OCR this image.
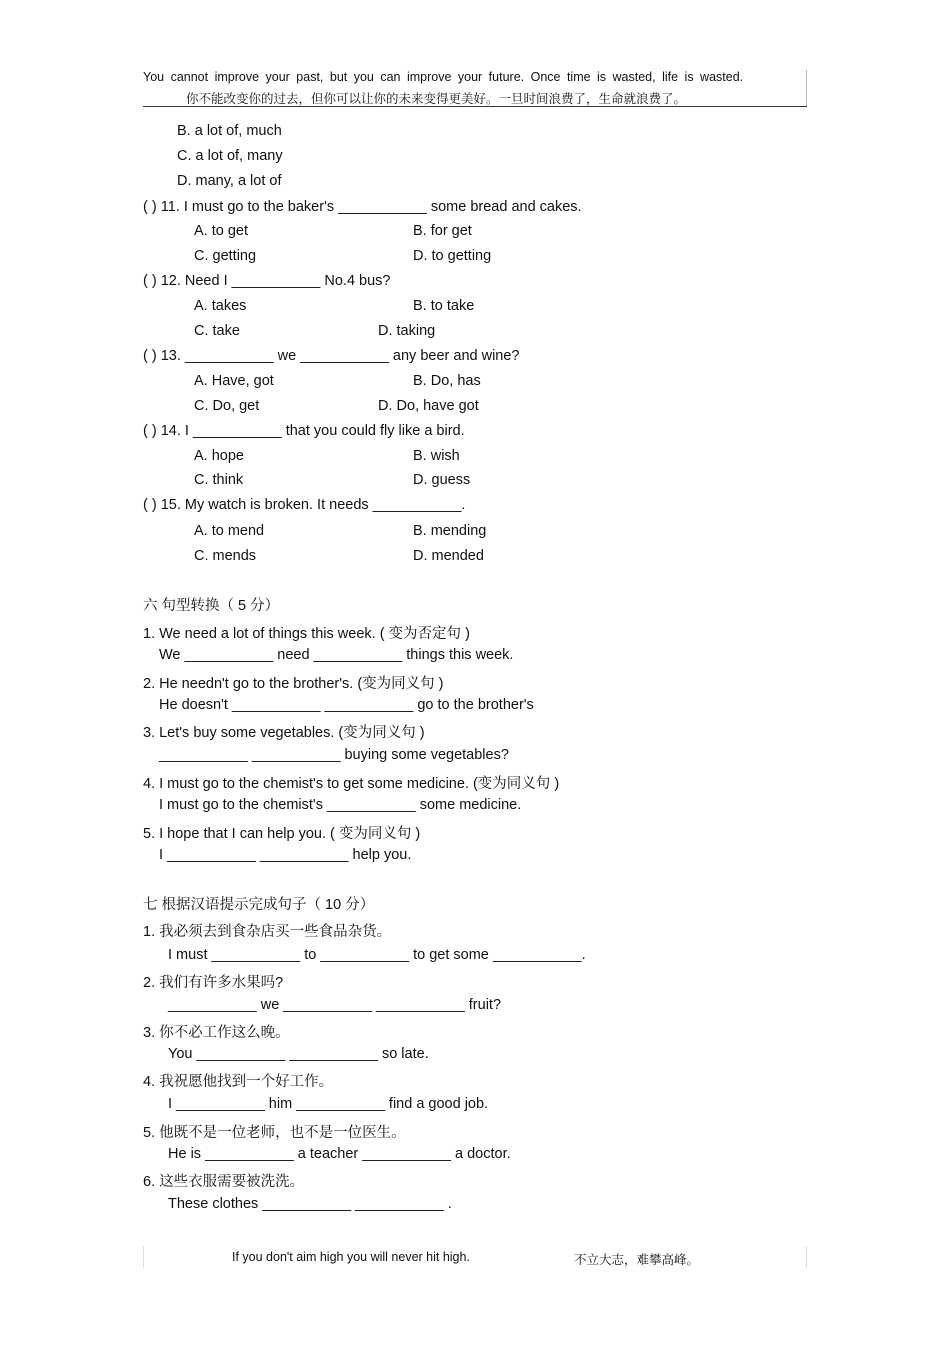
You cannot improve your past, but you can improve your future. Once time is wasted, life is wasted.
你不能改变你的过去，但你可以让你的未来变得更美好。一旦时间浪费了，生命就浪费了。
B. a lot of, much
C. a lot of, many
D. many, a lot of
( ) 11. I must go to the baker's ___________ some bread and cakes.
A. to get	B. for get
C. getting	D. to getting
( ) 12. Need I ___________ No.4 bus?
A. takes	B. to take
C. take	D. taking
( ) 13. ___________ we ___________ any beer and wine?
A. Have, got	B. Do, has
C. Do, get	D. Do, have got
( ) 14. I ___________ that you could fly like a bird.
A. hope	B. wish
C. think	D. guess
( ) 15. My watch is broken. It needs ___________.
A. to mend	B. mending
C. mends	D. mended
六 句型转换（ 5 分）
1. We need a lot of things this week. ( 变为否定句 )
We ___________ need ___________ things this week.
2. He needn't go to the brother's. (变为同义句 )
He doesn't ___________ ___________ go to the brother's
3. Let's buy some vegetables. (变为同义句 )
___________ ___________ buying some vegetables?
4. I must go to the chemist's to get some medicine. (变为同义句 )
I must go to the chemist's ___________ some medicine.
5. I hope that I can help you. ( 变为同义句 )
I ___________ ___________ help you.
七 根据汉语提示完成句子（ 10 分）
1. 我必须去到食杂店买一些食品杂货。
I must ___________ to ___________ to get some ___________.
2. 我们有许多水果吗?
___________ we ___________ ___________ fruit?
3. 你不必工作这么晚。
You ___________ ___________ so late.
4. 我祝愿他找到一个好工作。
I ___________ him ___________ find a good job.
5. 他既不是一位老师，也不是一位医生。
He is ___________ a teacher ___________ a doctor.
6. 这些衣服需要被洗洗。
These clothes ___________ ___________ .
If you don't aim high you will never hit high.	不立大志，难攀高峰。
